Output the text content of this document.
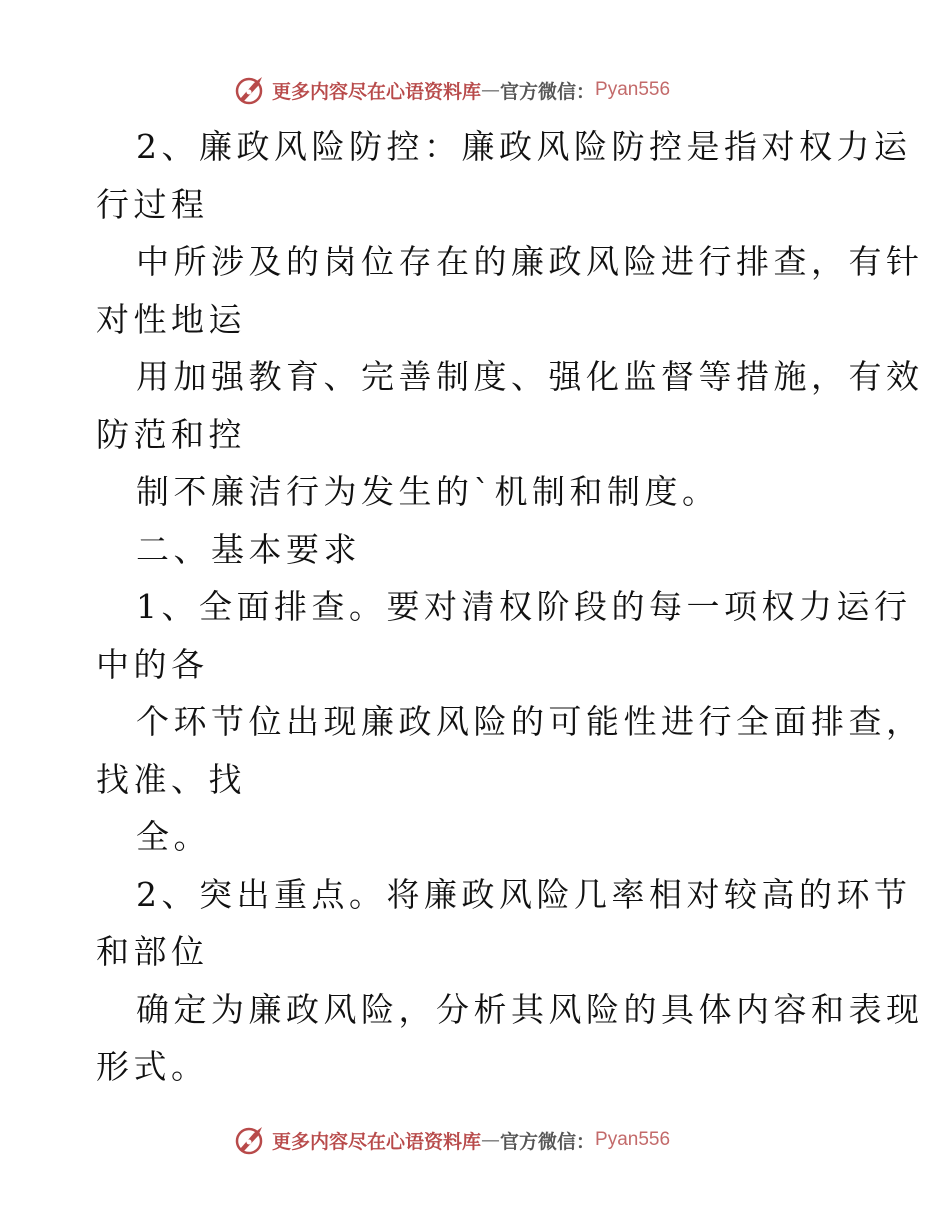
更多内容尽在心语资料库 — 官方微信： Pyan556
2、廉政风险防控：廉政风险防控是指对权力运
行过程
中所涉及的岗位存在的廉政风险进行排查，有针
对性地运
用加强教育、完善制度、强化监督等措施，有效
防范和控
制不廉洁行为发生的`机制和制度。
二、基本要求
1、全面排查。要对清权阶段的每一项权力运行
中的各
个环节位出现廉政风险的可能性进行全面排查，
找准、找
全。
2、突出重点。将廉政风险几率相对较高的环节
和部位
确定为廉政风险，分析其风险的具体内容和表现
形式。
更多内容尽在心语资料库 — 官方微信： Pyan556
